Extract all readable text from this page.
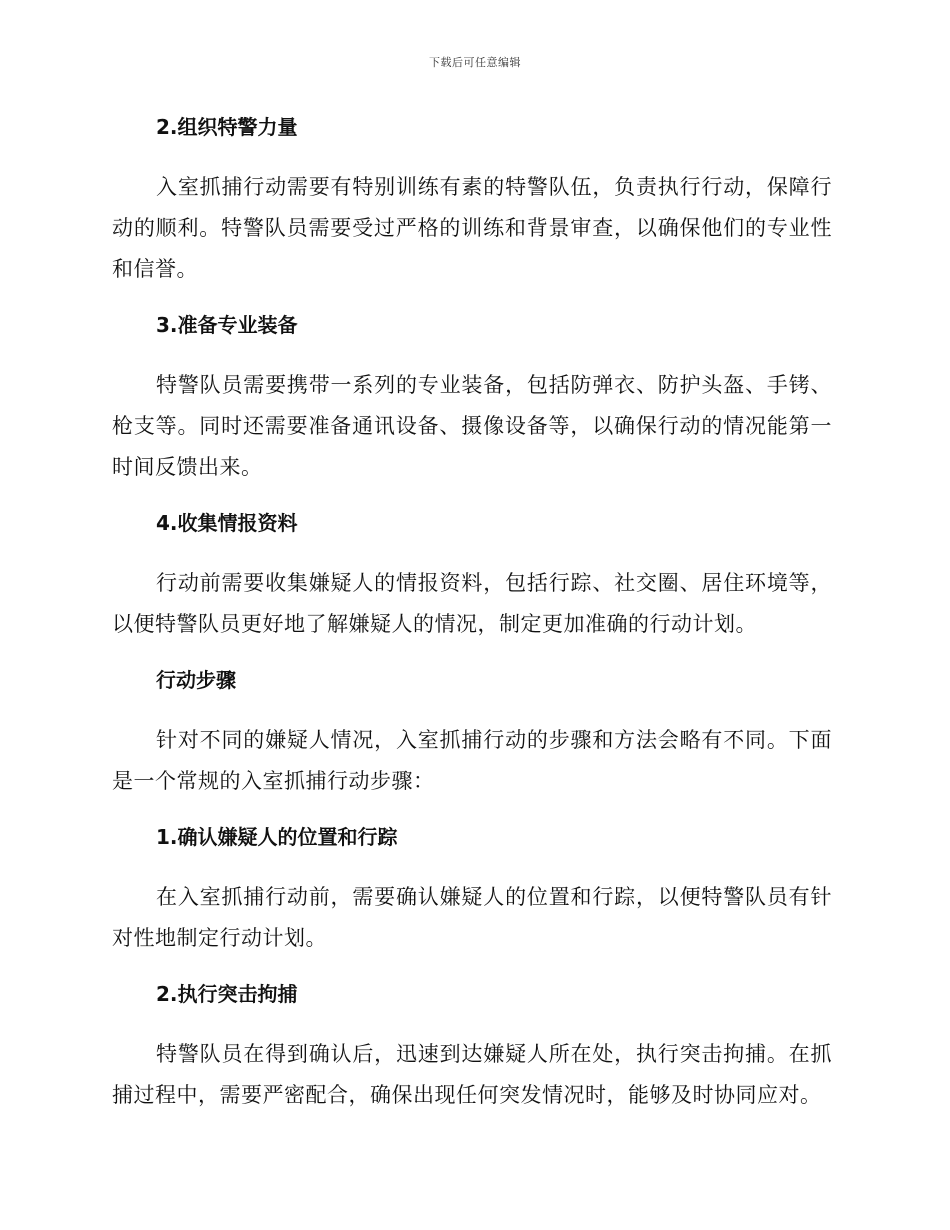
下载后可任意编辑
2.组织特警力量

入室抓捕行动需要有特别训练有素的特警队伍，负责执行行动，保障行动的顺利。特警队员需要受过严格的训练和背景审查，以确保他们的专业性和信誉。

3.准备专业装备

特警队员需要携带一系列的专业装备，包括防弹衣、防护头盔、手铐、枪支等。同时还需要准备通讯设备、摄像设备等，以确保行动的情况能第一时间反馈出来。

4.收集情报资料

行动前需要收集嫌疑人的情报资料，包括行踪、社交圈、居住环境等，以便特警队员更好地了解嫌疑人的情况，制定更加准确的行动计划。

行动步骤

针对不同的嫌疑人情况，入室抓捕行动的步骤和方法会略有不同。下面是一个常规的入室抓捕行动步骤：

1.确认嫌疑人的位置和行踪

在入室抓捕行动前，需要确认嫌疑人的位置和行踪，以便特警队员有针对性地制定行动计划。

2.执行突击拘捕

特警队员在得到确认后，迅速到达嫌疑人所在处，执行突击拘捕。在抓捕过程中，需要严密配合，确保出现任何突发情况时，能够及时协同应对。
